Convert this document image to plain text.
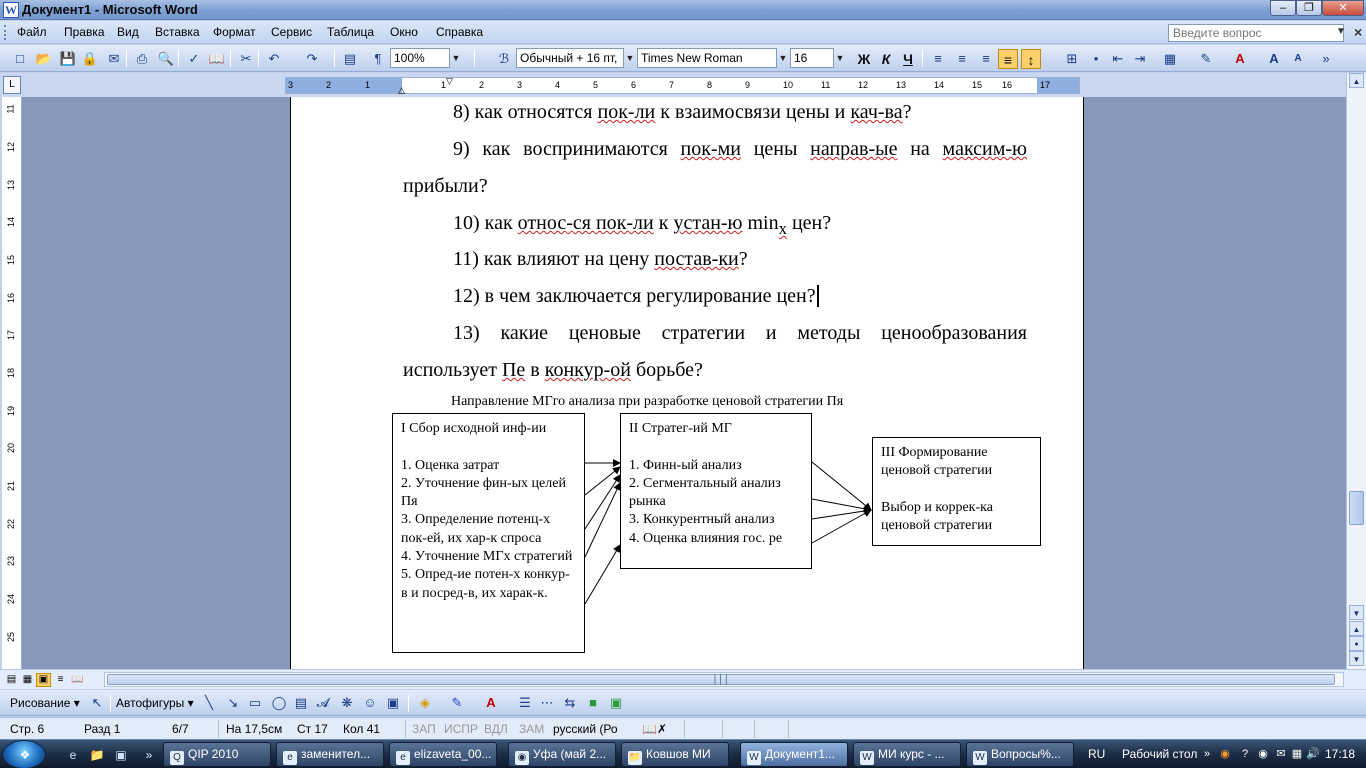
W Документ1 - Microsoft Word	–	❐	✕
Файл Правка Вид Вставка Формат Сервис Таблица Окно Справка	Введите вопрос	▼ ×
□ 📂 💾 🔒 ✉	⎙ 🔍	✓ 📖	✂	↶	↷	▤	¶	100%	▼	ℬ Обычный + 16 пт, ▼ Times New Roman	▼ 16	▼ Ж К Ч	≡	≡	≡	≡	↕	⊞	•	⇤ ⇥	▦	✎	A	A	A	»
L	3	2	1	1	2	3	4	5	6	7	8	9	10	11	12	13	14	15 16	17
▽
△
11
12
13
14
15
16
17
18
19
20
21
22
23
24
25
8) как относятся пок-ли к взаимосвязи цены и кач-ва?
9) как воспринимаются пок-ми цены направ-ые на максим-ю
прибыли?
10) как относ-ся пок-ли к устан-ю $\min_x$ цен?
11) как влияют на цену постав-ки?
12) в чем заключается регулирование цен?
13) какие ценовые стратегии и методы ценообразования
использует Пе в конкур-ой борьбе?
Направление МГго анализа при разработке ценовой стратегии Пя
I Сбор исходной инф-ии

1. Оценка затрат
2. Уточнение фин-ых целей Пя
3. Определение потенц-х пок-ей, их хар-к спроса
4. Уточнение МГх стратегий
5. Опред-ие потен-х конкур-в и посред-в, их харак-к.
II Стратег-ий МГ

1. Финн-ый анализ
2. Сегментальный анализ рынка
3. Конкурентный анализ
4. Оценка влияния гос. ре
III Формирование ценовой стратегии

Выбор и коррек-ка ценовой стратегии
▲
▼
▲
●
▼
▤ ▦ ▣ ≡ 📖	│││
Рисование ▾ ↖ Автофигуры ▾ ╲	↘ ▭ ◯ ▤ 𝓐 ❋ ☺ ▣	◈	✎	A	☰ ⋯ ⇆	■ ▣
Стр. 6	Разд 1	6/7	На 17,5см Ст 17 Кол 41	ЗАП ИСПР ВДЛ ЗАМ русский (Ро 📖✗
❖	e	📁 ▣	»	Q QIP 2010	e заменител...	e elizaveta_00...	◉ Уфа (май 2...	📁 Ковшов МИ	W Документ1...	W МИ курс - ...	W Вопросы%...	RU Рабочий стол » ◉	? ◉ ✉ ▦ 🔊 17:18
